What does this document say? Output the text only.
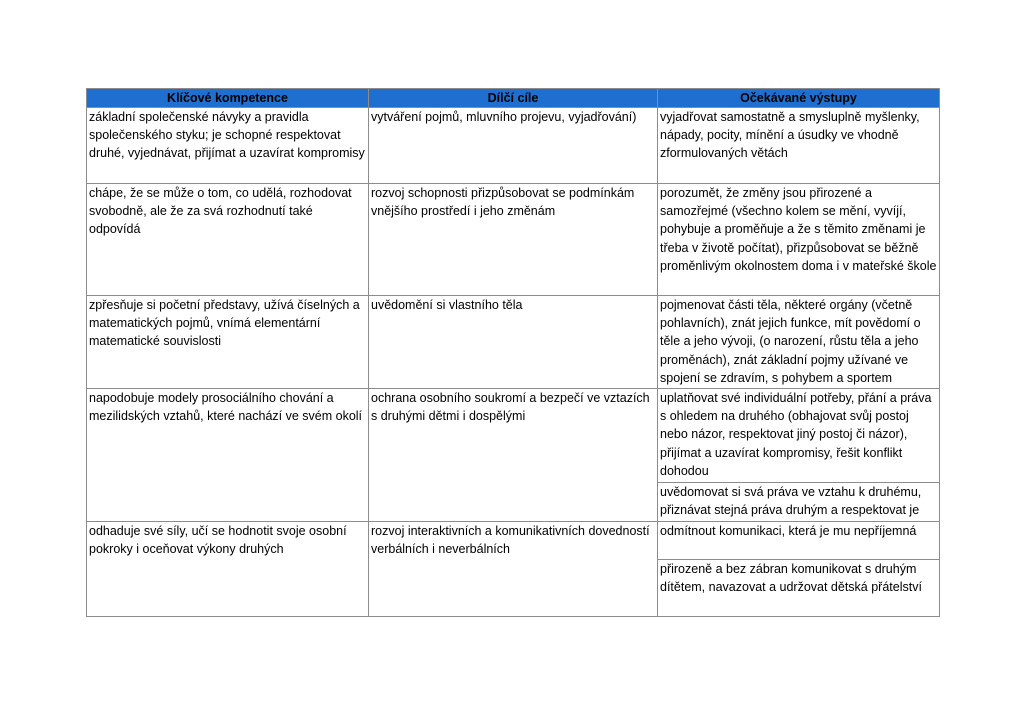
Klíčové kompetence	Dílčí cíle	Očekávané výstupy
základní společenské návyky a pravidla společenského styku; je schopné respektovat druhé, vyjednávat, přijímat a uzavírat kompromisy	vytváření pojmů, mluvního projevu, vyjadřování)	vyjadřovat samostatně a smysluplně myšlenky, nápady, pocity, mínění a úsudky ve vhodně zformulovaných větách
chápe, že se může o tom, co udělá, rozhodovat svobodně, ale že za svá rozhodnutí také odpovídá	rozvoj schopnosti přizpůsobovat se podmínkám vnějšího prostředí i jeho změnám	porozumět, že změny jsou přirozené a samozřejmé (všechno kolem se mění, vyvíjí, pohybuje a proměňuje a že s těmito změnami je třeba v životě počítat), přizpůsobovat se běžně proměnlivým okolnostem doma i v mateřské škole
zpřesňuje si početní představy, užívá číselných a matematických pojmů, vnímá elementární matematické souvislosti	uvědomění si vlastního těla	pojmenovat části těla, některé orgány (včetně pohlavních), znát jejich funkce, mít povědomí o těle a jeho vývoji, (o narození, růstu těla a jeho proměnách), znát základní pojmy užívané ve spojení se zdravím, s pohybem a sportem
napodobuje modely prosociálního chování a mezilidských vztahů, které nachází ve svém okolí	ochrana osobního soukromí a bezpečí ve vztazích s druhými dětmi i dospělými	uplatňovat své individuální potřeby, přání a práva s ohledem na druhého (obhajovat svůj postoj nebo názor, respektovat jiný postoj či názor), přijímat a uzavírat kompromisy, řešit konflikt dohodou
		uvědomovat si svá práva ve vztahu k druhému, přiznávat stejná práva druhým a respektovat je
odhaduje své síly, učí se hodnotit svoje osobní pokroky i oceňovat výkony druhých	rozvoj interaktivních a komunikativních dovedností verbálních i neverbálních	odmítnout komunikaci, která je mu nepříjemná
		přirozeně a bez zábran komunikovat s druhým dítětem, navazovat a udržovat dětská přátelství
